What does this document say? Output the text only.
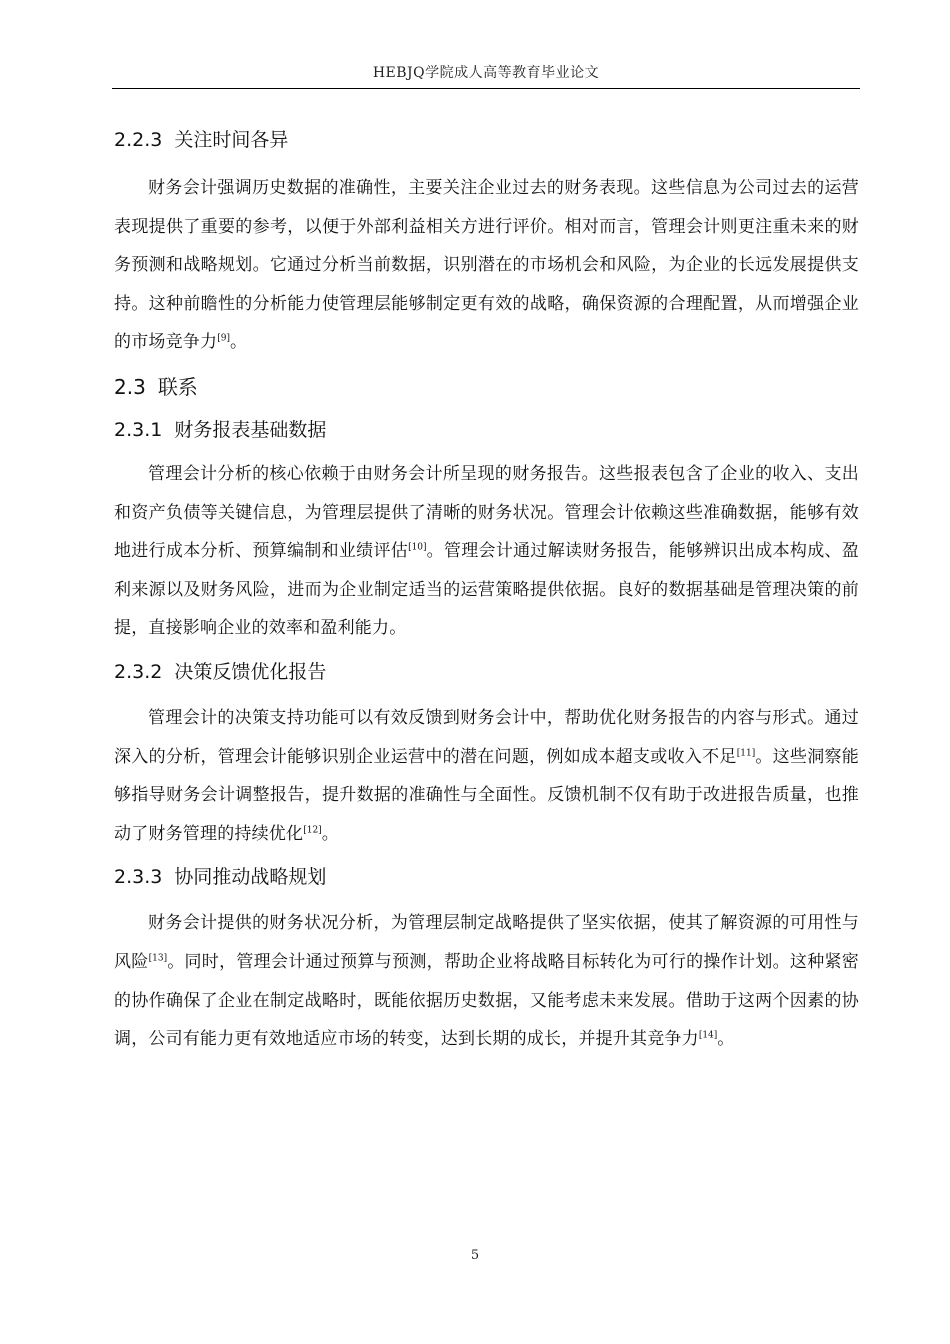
HEBJQ学院成人高等教育毕业论文
2.2.3 关注时间各异

财务会计强调历史数据的准确性，主要关注企业过去的财务表现。这些信息为公司过去的运营表现提供了重要的参考，以便于外部利益相关方进行评价。相对而言，管理会计则更注重未来的财务预测和战略规划。它通过分析当前数据，识别潜在的市场机会和风险，为企业的长远发展提供支持。这种前瞻性的分析能力使管理层能够制定更有效的战略，确保资源的合理配置，从而增强企业的市场竞争力[9]。

2.3 联系
2.3.1 财务报表基础数据

管理会计分析的核心依赖于由财务会计所呈现的财务报告。这些报表包含了企业的收入、支出和资产负债等关键信息，为管理层提供了清晰的财务状况。管理会计依赖这些准确数据，能够有效地进行成本分析、预算编制和业绩评估[10]。管理会计通过解读财务报告，能够辨识出成本构成、盈利来源以及财务风险，进而为企业制定适当的运营策略提供依据。良好的数据基础是管理决策的前提，直接影响企业的效率和盈利能力。

2.3.2 决策反馈优化报告

管理会计的决策支持功能可以有效反馈到财务会计中，帮助优化财务报告的内容与形式。通过深入的分析，管理会计能够识别企业运营中的潜在问题，例如成本超支或收入不足[11]。这些洞察能够指导财务会计调整报告，提升数据的准确性与全面性。反馈机制不仅有助于改进报告质量，也推动了财务管理的持续优化[12]。

2.3.3 协同推动战略规划

财务会计提供的财务状况分析，为管理层制定战略提供了坚实依据，使其了解资源的可用性与风险[13]。同时，管理会计通过预算与预测，帮助企业将战略目标转化为可行的操作计划。这种紧密的协作确保了企业在制定战略时，既能依据历史数据，又能考虑未来发展。借助于这两个因素的协调，公司有能力更有效地适应市场的转变，达到长期的成长，并提升其竞争力[14]。

5
